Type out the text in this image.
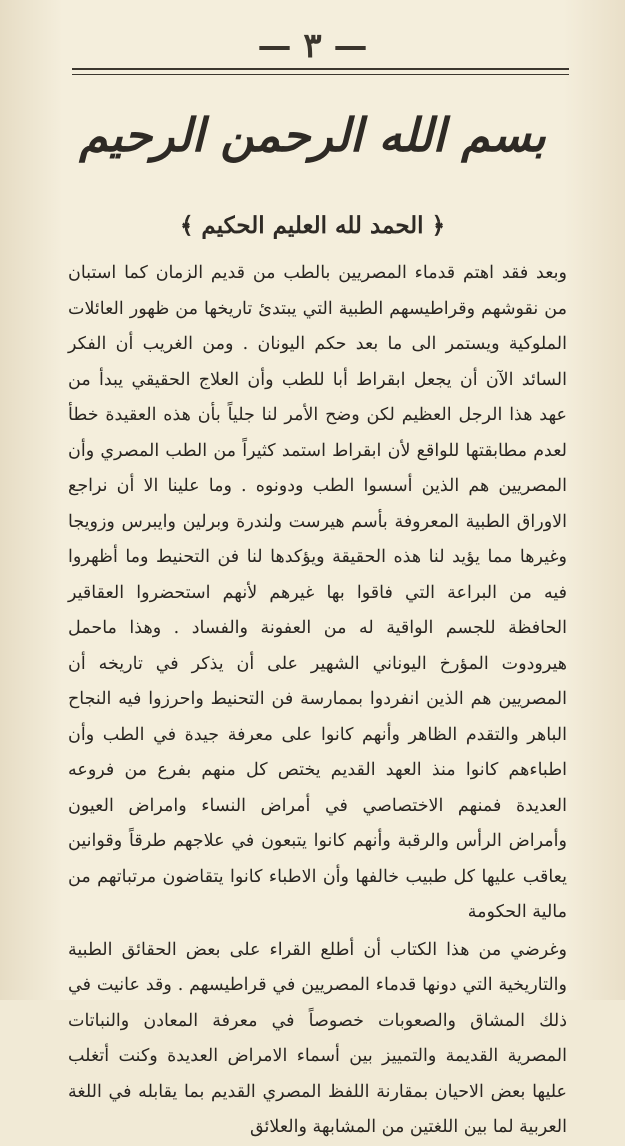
— ٣ —
بسم الله الرحمن الرحيم
﴿ الحمد لله العليم الحكيم ﴾

وبعد فقد اهتم قدماء المصريين بالطب من قديم الزمان كما استبان من نقوشهم وقراطيسهم الطبية التي يبتدئ تاريخها من ظهور العائلات الملوكية ويستمر الى ما بعد حكم اليونان . ومن الغريب أن الفكر السائد الآن أن يجعل ابقراط أبا للطب وأن العلاج الحقيقي يبدأ من عهد هذا الرجل العظيم لكن وضح الأمر لنا جلياً بأن هذه العقيدة خطأ لعدم مطابقتها للواقع لأن ابقراط استمد كثيراً من الطب المصري وأن المصريين هم الذين أسسوا الطب ودونوه . وما علينا الا أن نراجع الاوراق الطبية المعروفة بأسم هيرست ولندرة وبرلين وايبرس وزويجا وغيرها مما يؤيد لنا هذه الحقيقة ويؤكدها لنا فن التحنيط وما أظهروا فيه من البراعة التي فاقوا بها غيرهم لأنهم استحضروا العقاقير الحافظة للجسم الواقية له من العفونة والفساد . وهذا ماحمل هيرودوت المؤرخ اليوناني الشهير على أن يذكر في تاريخه أن المصريين هم الذين انفردوا بممارسة فن التحنيط واحرزوا فيه النجاح الباهر والتقدم الظاهر وأنهم كانوا على معرفة جيدة في الطب وأن اطباءهم كانوا منذ العهد القديم يختص كل منهم بفرع من فروعه العديدة فمنهم الاختصاصي في أمراض النساء وامراض العيون وأمراض الرأس والرقبة وأنهم كانوا يتبعون في علاجهم طرقاً وقوانين يعاقب عليها كل طبيب خالفها وأن الاطباء كانوا يتقاضون مرتباتهم من مالية الحكومة

وغرضي من هذا الكتاب أن أطلع القراء على بعض الحقائق الطبية والتاريخية التي دونها قدماء المصريين في قراطيسهم . وقد عانيت في ذلك المشاق والصعوبات خصوصاً في معرفة المعادن والنباتات المصرية القديمة والتمييز بين أسماء الامراض العديدة وكنت أتغلب عليها بعض الاحيان بمقارنة اللفظ المصري القديم بما يقابله في اللغة العربية لما بين اللغتين من المشابهة والعلائق
